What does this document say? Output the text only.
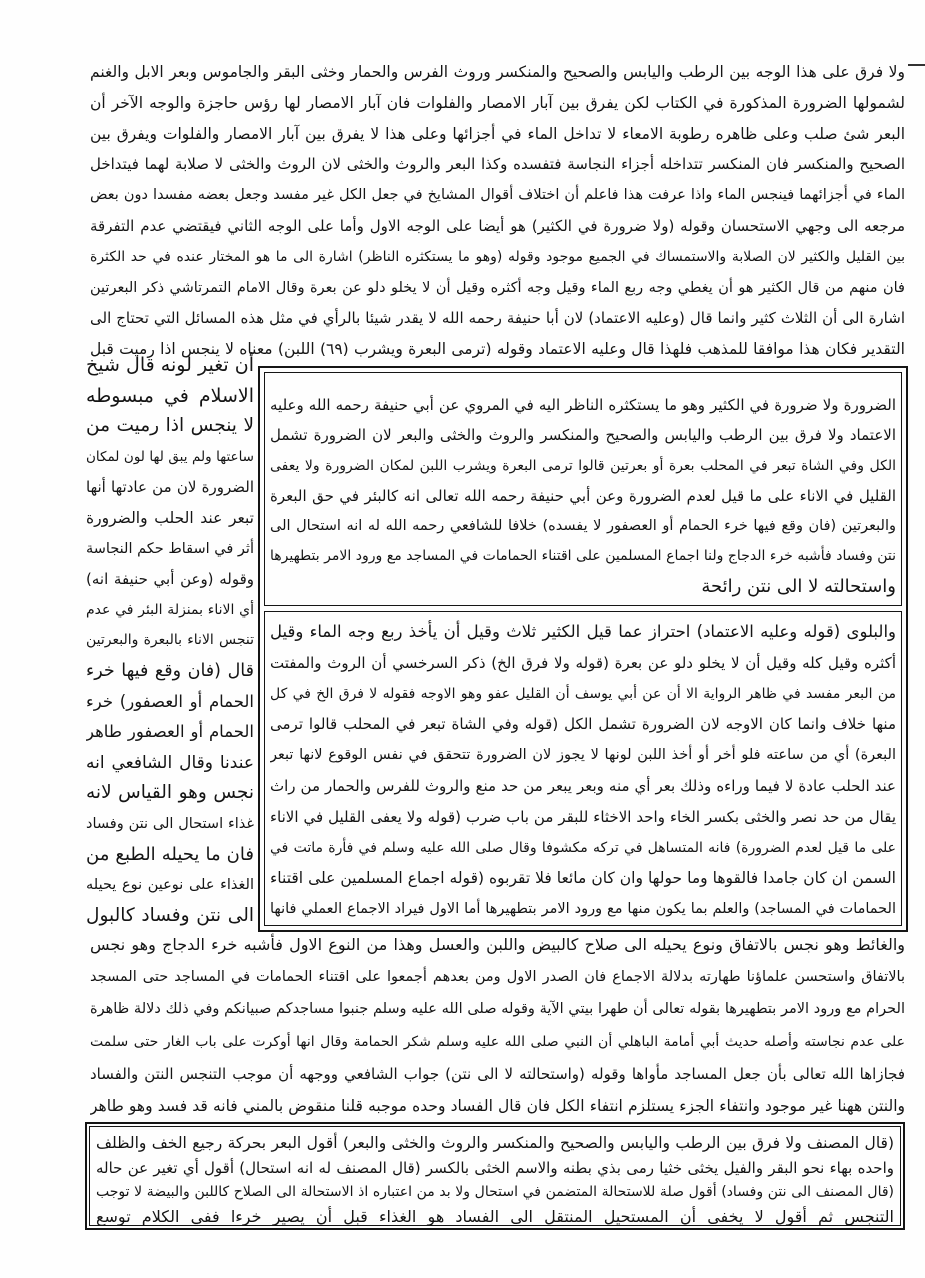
ولا فرق على هذا الوجه بين الرطب واليابس والصحيح والمنكسر وروث الفرس والحمار وخثى البقر والجاموس وبعر الابل والغنم
لشمولها الضرورة المذكورة في الكتاب لكن يفرق بين آبار الامصار والفلوات فان آبار الامصار لها رؤس حاجزة والوجه الآخر أن
البعر شئ صلب وعلى ظاهره رطوبة الامعاء لا تداخل الماء في أجزائها وعلى هذا لا يفرق بين آبار الامصار والفلوات ويفرق بين
الصحيح والمنكسر فان المنكسر تتداخله أجزاء النجاسة فتفسده وكذا البعر والروث والخثى لان الروث والخثى لا صلابة لهما فيتداخل
الماء في أجزائهما فينجس الماء واذا عرفت هذا فاعلم أن اختلاف أقوال المشايخ في جعل الكل غير مفسد وجعل بعضه مفسدا دون بعض
مرجعه الى وجهي الاستحسان وقوله (ولا ضرورة في الكثير) هو أيضا على الوجه الاول وأما على الوجه الثاني فيقتضي عدم التفرقة
بين القليل والكثير لان الصلابة والاستمساك في الجميع موجود وقوله (وهو ما يستكثره الناظر) اشارة الى ما هو المختار عنده في حد الكثرة
فان منهم من قال الكثير هو أن يغطي وجه ربع الماء وقيل وجه أكثره وقيل أن لا يخلو دلو عن بعرة وقال الامام التمرتاشي ذكر البعرتين
اشارة الى أن الثلاث كثير وانما قال (وعليه الاعتماد) لان أبا حنيفة رحمه الله لا يقدر شيئا بالرأي في مثل هذه المسائل التي تحتاج الى
التقدير فكان هذا موافقا للمذهب فلهذا قال وعليه الاعتماد وقوله (ترمى البعرة ويشرب (٦٩) اللبن) معناه لا ينجس اذا رميت قبل
أن تغير لونه قال شيخ
الاسلام في مبسوطه
لا ينجس اذا رميت من
ساعتها ولم يبق لها لون لمكان
الضرورة لان من عادتها أنها
تبعر عند الحلب والضرورة
أثر في اسقاط حكم النجاسة
وقوله (وعن أبي حنيفة انه)
أي الاناء بمنزلة البئر في عدم
تنجس الاناء بالبعرة والبعرتين
قال (فان وقع فيها خرء
الحمام أو العصفور) خرء
الحمام أو العصفور طاهر
عندنا وقال الشافعي انه
نجس وهو القياس لانه
غذاء استحال الى نتن وفساد
فان ما يحيله الطبع من
الغذاء على نوعين نوع يحيله
الى نتن وفساد كالبول
الضرورة ولا ضرورة في الكثير وهو ما يستكثره الناظر اليه في المروي عن أبي حنيفة رحمه الله وعليه
الاعتماد ولا فرق بين الرطب واليابس والصحيح والمنكسر والروث والخثى والبعر لان الضرورة تشمل
الكل وفي الشاة تبعر في المحلب بعرة أو بعرتين قالوا ترمى البعرة ويشرب اللبن لمكان الضرورة ولا يعفى
القليل في الاناء على ما قيل لعدم الضرورة وعن أبي حنيفة رحمه الله تعالى انه كالبئر في حق البعرة
والبعرتين (فان وقع فيها خرء الحمام أو العصفور لا يفسده) خلافا للشافعي رحمه الله له انه استحال الى
نتن وفساد فأشبه خرء الدجاج ولنا اجماع المسلمين على اقتناء الحمامات في المساجد مع ورود الامر بتطهيرها
واستحالته لا الى نتن رائحة
والبلوى (قوله وعليه الاعتماد) احتراز عما قيل الكثير ثلاث وقيل أن يأخذ ربع وجه الماء وقيل
أكثره وقيل كله وقيل أن لا يخلو دلو عن بعرة (قوله ولا فرق الخ) ذكر السرخسي أن الروث والمفتت
من البعر مفسد في ظاهر الرواية الا أن عن أبي يوسف أن القليل عفو وهو الاوجه فقوله لا فرق الخ في كل
منها خلاف وانما كان الاوجه لان الضرورة تشمل الكل (قوله وفي الشاة تبعر في المحلب قالوا ترمى
البعرة) أي من ساعته فلو أخر أو أخذ اللبن لونها لا يجوز لان الضرورة تتحقق في نفس الوقوع لانها تبعر
عند الحلب عادة لا فيما وراءه وذلك بعر أي منه وبعر يبعر من حد منع والروث للفرس والحمار من راث
يقال من حد نصر والخثى بكسر الخاء واحد الاخثاء للبقر من باب ضرب (قوله ولا يعفى القليل في الاناء
على ما قيل لعدم الضرورة) فانه المتساهل في تركه مكشوفا وقال صلى الله عليه وسلم في فأرة ماتت في
السمن ان كان جامدا فالقوها وما حولها وان كان مائعا فلا تقربوه (قوله اجماع المسلمين على اقتناء
الحمامات في المساجد) والعلم بما يكون منها مع ورود الامر بتطهيرها أما الاول فيراد الاجماع العملي فانها
والغائط وهو نجس بالاتفاق ونوع يحيله الى صلاح كالبيض واللبن والعسل وهذا من النوع الاول فأشبه خرء الدجاج وهو نجس
بالاتفاق واستحسن علماؤنا طهارته بدلالة الاجماع فان الصدر الاول ومن بعدهم أجمعوا على اقتناء الحمامات في المساجد حتى المسجد
الحرام مع ورود الامر بتطهيرها بقوله تعالى أن طهرا بيتي الآية وقوله صلى الله عليه وسلم جنبوا مساجدكم صبيانكم وفي ذلك دلالة ظاهرة
على عدم نجاسته وأصله حديث أبي أمامة الباهلي أن النبي صلى الله عليه وسلم شكر الحمامة وقال انها أوكرت على باب الغار حتى سلمت
فجازاها الله تعالى بأن جعل المساجد مأواها وقوله (واستحالته لا الى نتن) جواب الشافعي ووجهه أن موجب التنجس النتن والفساد
والنتن ههنا غير موجود وانتفاء الجزء يستلزم انتفاء الكل فان قال الفساد وحده موجبه قلنا منقوض بالمني فانه قد فسد وهو طاهر
(قال المصنف ولا فرق بين الرطب واليابس والصحيح والمنكسر والروث والخثى والبعر) أقول البعر بحركة رجيع الخف والظلف
واحده بهاء نحو البقر والفيل يخثى خثيا رمى بذي بطنه والاسم الخثى بالكسر (قال المصنف له انه استحال) أقول أي تغير عن حاله
(قال المصنف الى نتن وفساد) أقول صلة للاستحالة المتضمن في استحال ولا بد من اعتباره اذ الاستحالة الى الصلاح كاللبن والبيضة لا توجب
التنجس ثم أقول لا يخفى أن المستحيل المنتقل الى الفساد هو الغذاء قبل أن يصير خرءا ففي الكلام توسع
